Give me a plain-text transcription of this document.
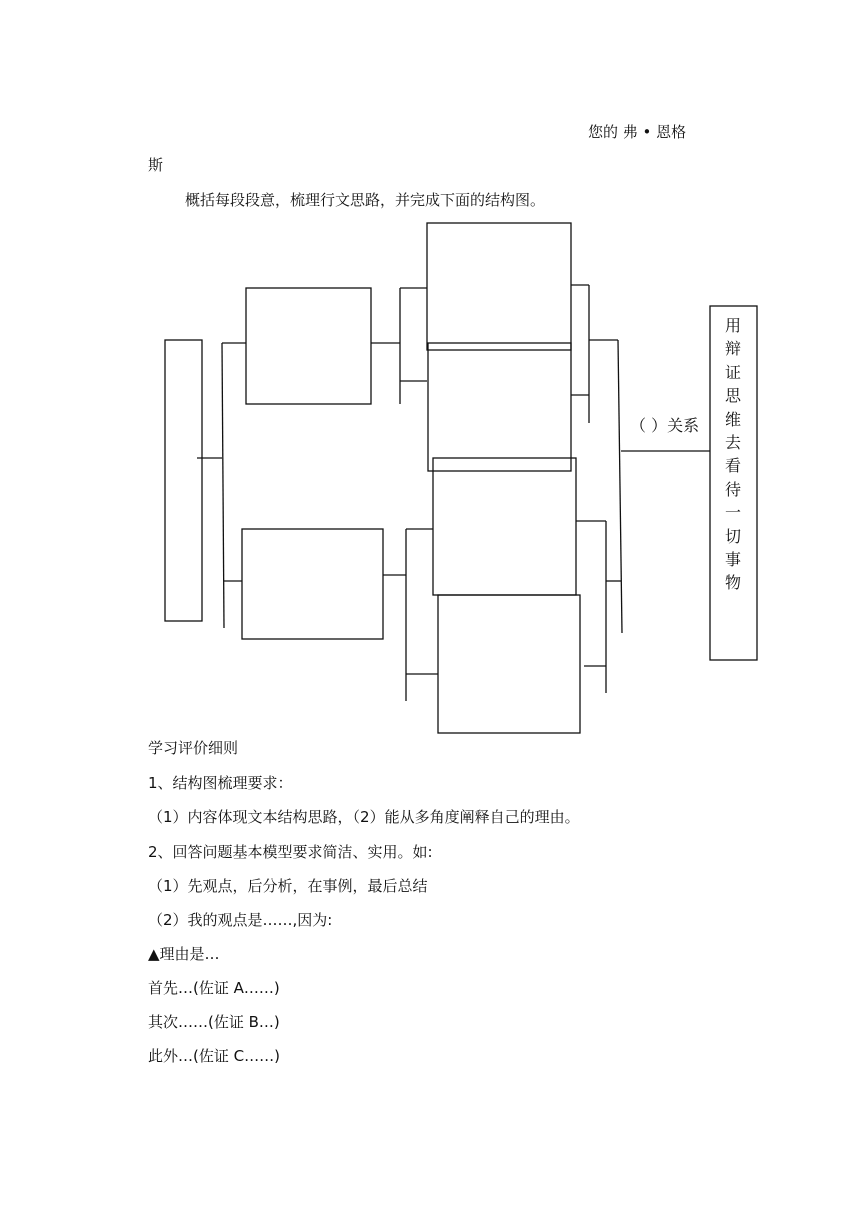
您的 弗 • 恩格
斯
概括每段段意，梳理行文思路，并完成下面的结构图。
（ ）关系
用
辩
证
思
维
去
看
待
一
切
事
物
学习评价细则
1、结构图梳理要求：
（1）内容体现文本结构思路，（2）能从多角度阐释自己的理由。
2、回答问题基本模型要求简洁、实用。如:
（1）先观点，后分析，在事例，最后总结
（2）我的观点是……,因为:
▲理由是…
首先…(佐证 A……)
其次……(佐证 B…)
此外…(佐证 C……)
